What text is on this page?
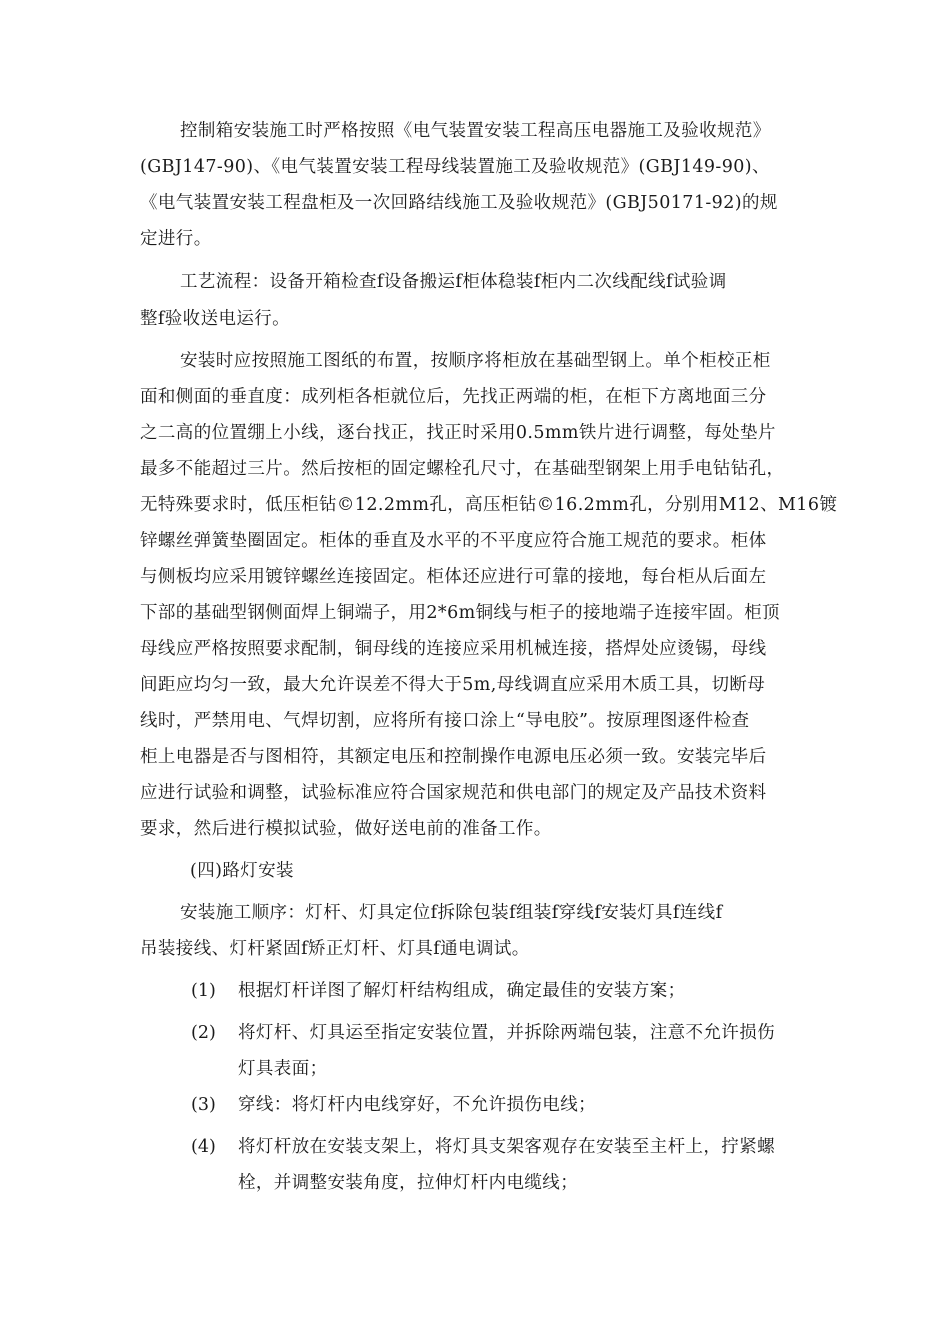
控制箱安装施工时严格按照《电气装置安装工程高压电器施工及验收规范》

(GBJ147-90)、《电气装置安装工程母线装置施工及验收规范》(GBJ149-90)、

《电气装置安装工程盘柜及一次回路结线施工及验收规范》(GBJ50171-92)的规

定进行。

工艺流程：设备开箱检查f设备搬运f柜体稳装f柜内二次线配线f试验调

整f验收送电运行。

安装时应按照施工图纸的布置，按顺序将柜放在基础型钢上。单个柜校正柜

面和侧面的垂直度：成列柜各柜就位后，先找正两端的柜，在柜下方离地面三分

之二高的位置绷上小线，逐台找正，找正时采用0.5mm铁片进行调整，每处垫片

最多不能超过三片。然后按柜的固定螺栓孔尺寸，在基础型钢架上用手电钻钻孔，

无特殊要求时，低压柜钻©12.2mm孔，高压柜钻©16.2mm孔，分别用M12、M16镀

锌螺丝弹簧垫圈固定。柜体的垂直及水平的不平度应符合施工规范的要求。柜体

与侧板均应采用镀锌螺丝连接固定。柜体还应进行可靠的接地，每台柜从后面左

下部的基础型钢侧面焊上铜端子，用2*6m铜线与柜子的接地端子连接牢固。柜顶

母线应严格按照要求配制，铜母线的连接应采用机械连接，搭焊处应烫锡，母线

间距应均匀一致，最大允许误差不得大于5m,母线调直应采用木质工具，切断母

线时，严禁用电、气焊切割，应将所有接口涂上“导电胶”。按原理图逐件检查

柜上电器是否与图相符，其额定电压和控制操作电源电压必须一致。安装完毕后

应进行试验和调整，试验标准应符合国家规范和供电部门的规定及产品技术资料

要求，然后进行模拟试验，做好送电前的准备工作。

(四)路灯安装

安装施工顺序：灯杆、灯具定位f拆除包装f组装f穿线f安装灯具f连线f

吊装接线、灯杆紧固f矫正灯杆、灯具f通电调试。

(1) 根据灯杆详图了解灯杆结构组成，确定最佳的安装方案；

(2) 将灯杆、灯具运至指定安装位置，并拆除两端包装，注意不允许损伤

灯具表面；

(3) 穿线：将灯杆内电线穿好，不允许损伤电线；

(4) 将灯杆放在安装支架上，将灯具支架客观存在安装至主杆上，拧紧螺

栓，并调整安装角度，拉伸灯杆内电缆线；
